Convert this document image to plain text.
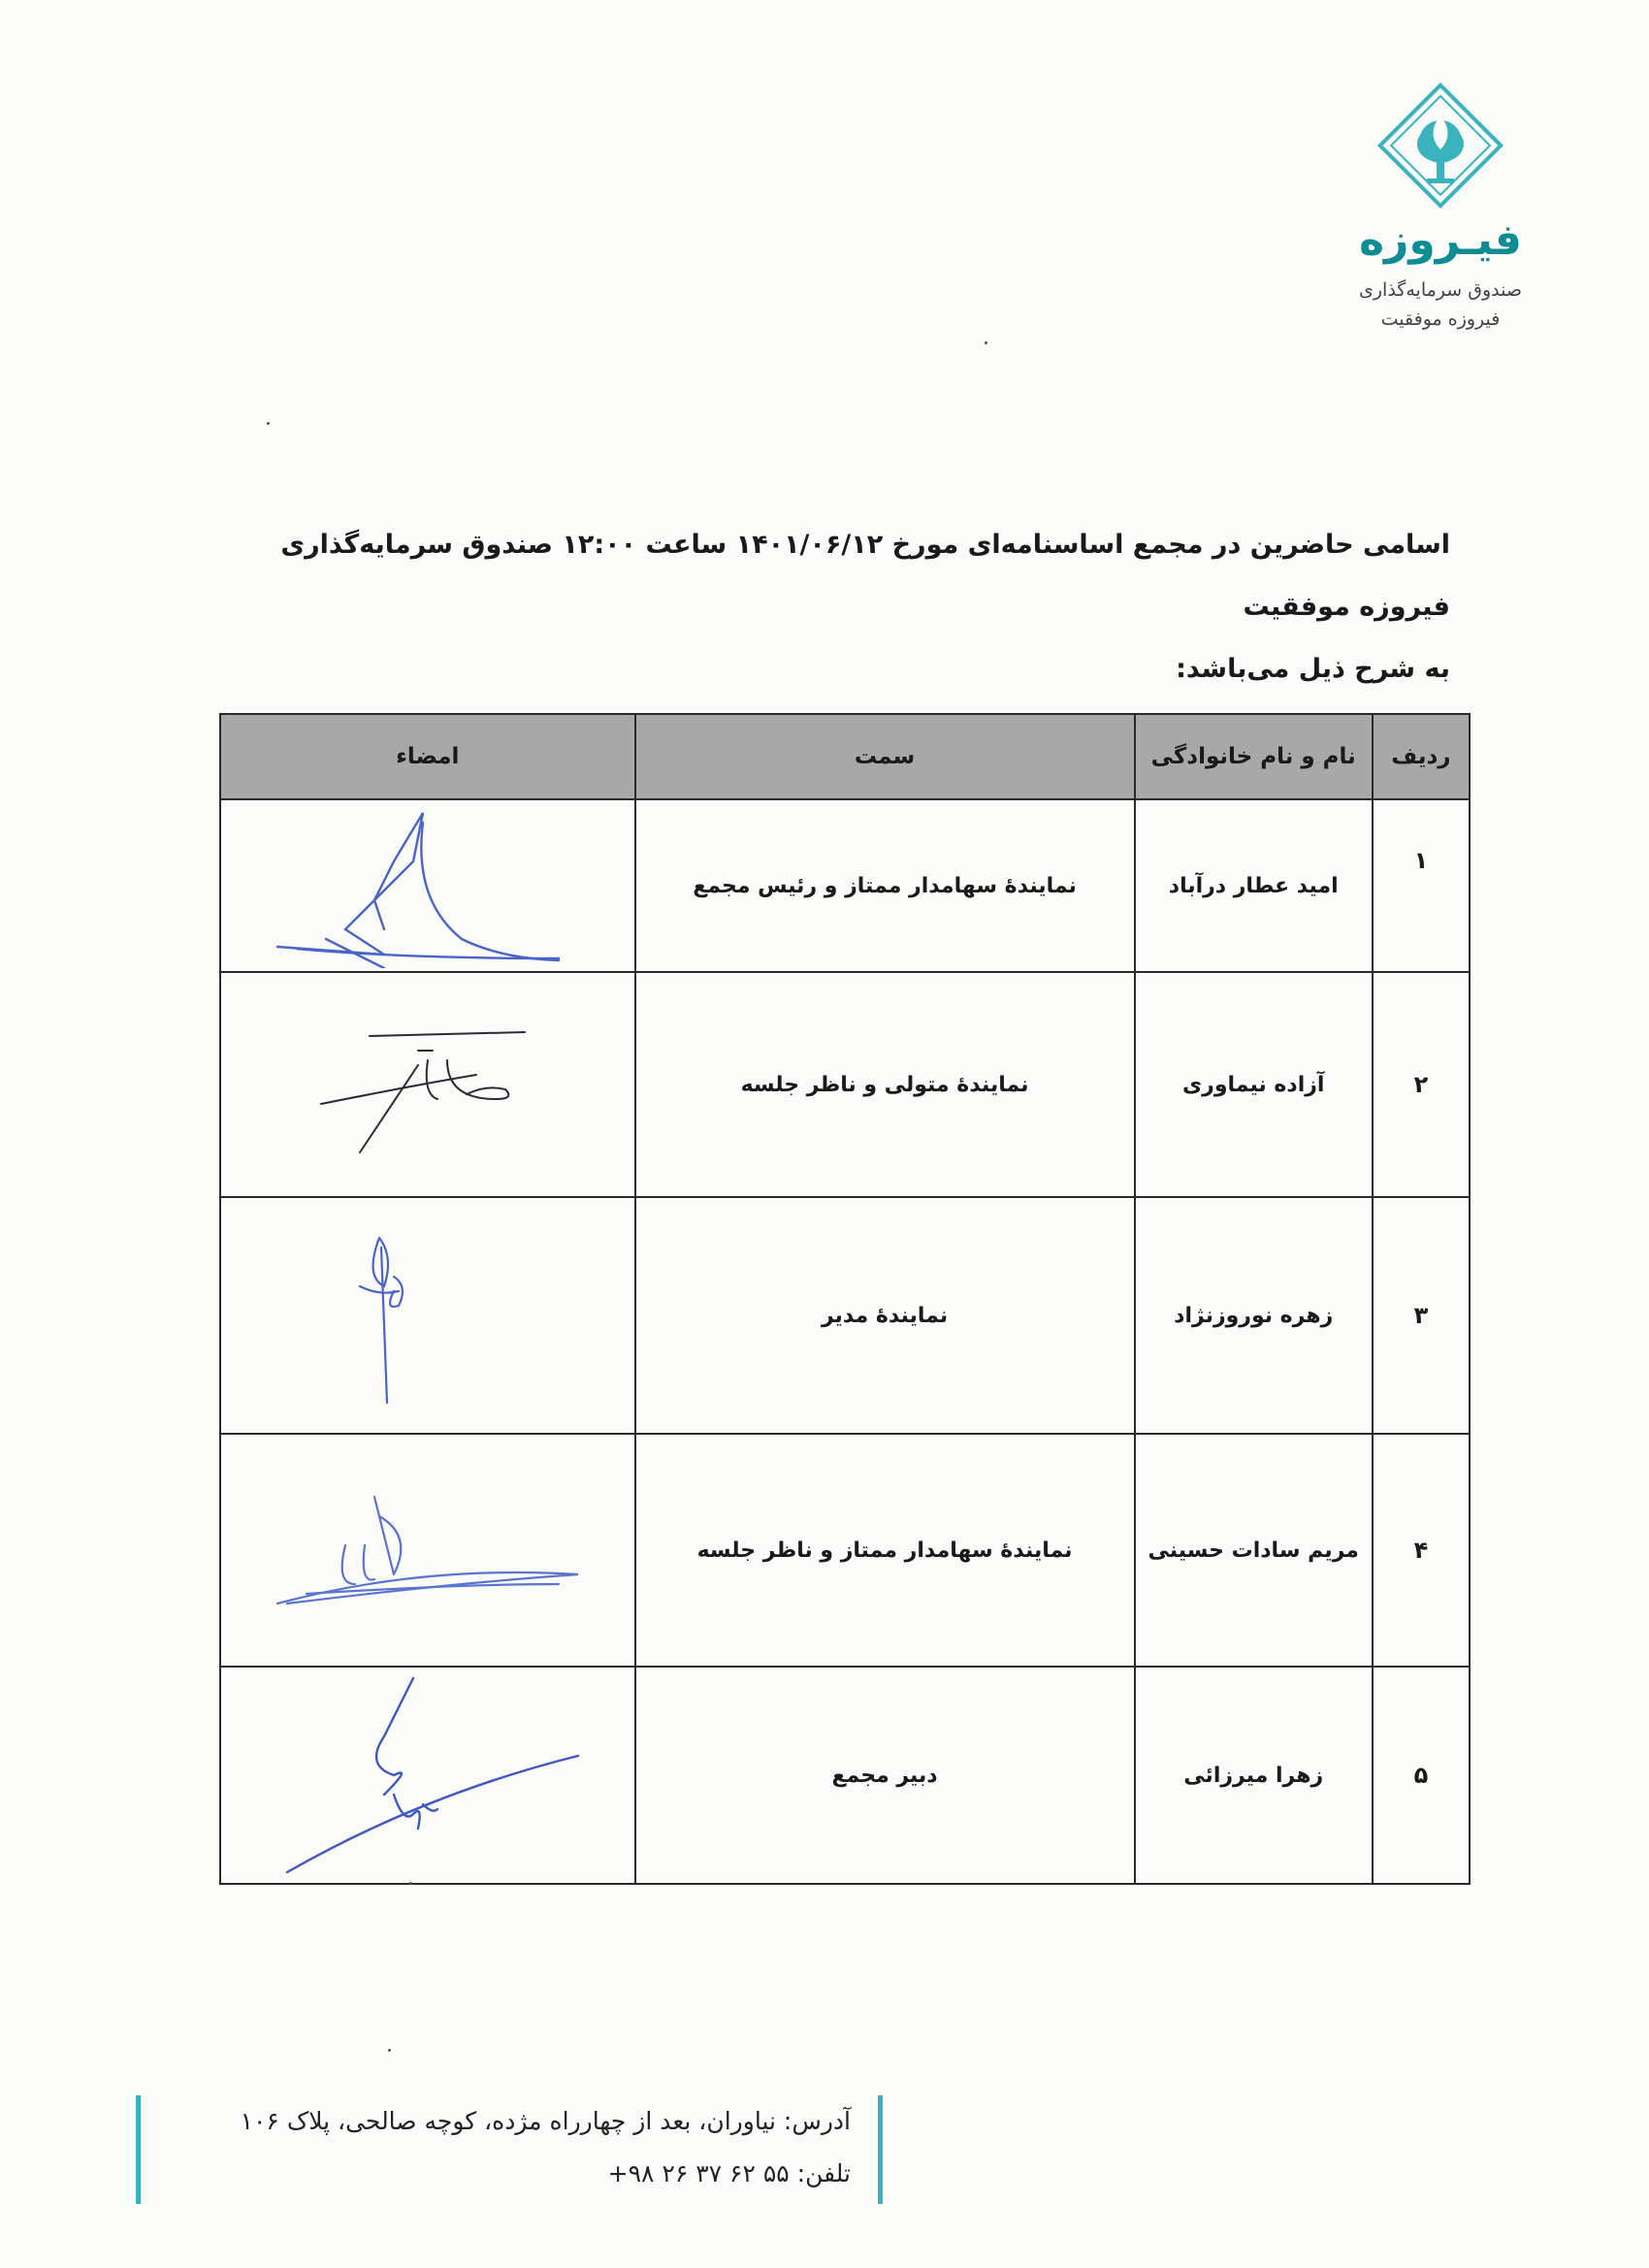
فیـروزه
صندوق سرمایه‌گذاری
فیروزه موفقیت

اسامی حاضرین در مجمع اساسنامه‌ای مورخ ۱۴۰۱/۰۶/۱۲ ساعت ۱۲:۰۰ صندوق سرمایه‌گذاری فیروزه موفقیت

به شرح ذیل می‌باشد:

ردیف	نام و نام خانوادگی	سمت	امضاء
۱	امید عطار درآباد	نمایندۀ سهامدار ممتاز و رئیس مجمع	

۲	آزاده نیماوری	نمایندۀ متولی و ناظر جلسه	

۳	زهره نوروزنژاد	نمایندۀ مدیر	

۴	مریم سادات حسینی	نمایندۀ سهامدار ممتاز و ناظر جلسه	

۵	زهرا میرزائی	دبیر مجمع	
آدرس: نیاوران، بعد از چهارراه مژده، کوچه صالحی، پلاک ۱۰۶
تلفن: ۵۵ ۶۲ ۳۷ ۲۶ ۹۸+
